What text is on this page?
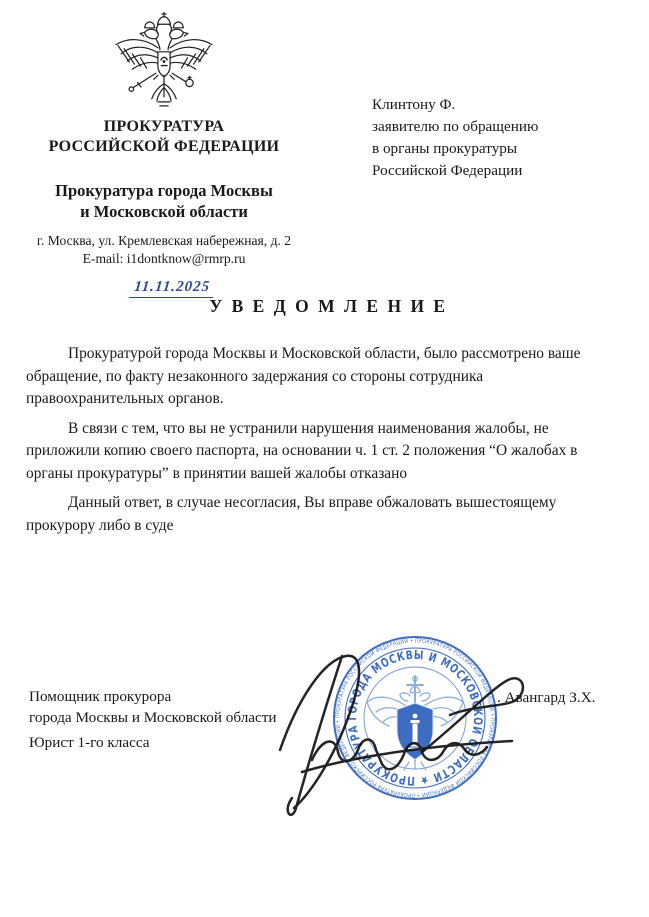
ПРОКУРАТУРА
РОССИЙСКОЙ ФЕДЕРАЦИИ
Прокуратура города Москвы
и Московской области
г. Москва, ул. Кремлевская набережная, д. 2
E-mail: i1dontknow@rmrp.ru
Клинтону Ф.
заявителю по обращению
в органы прокуратуры
Российской Федерации
11.11.2025
У В Е Д О М Л Е Н И Е

Прокуратурой города Москвы и Московской области, было рассмотрено ваше обращение, по факту незаконного задержания со стороны сотрудника правоохранительных органов.

В связи с тем, что вы не устранили нарушения наименования жалобы, не приложили копию своего паспорта, на основании ч. 1 ст. 2 положения “О жалобах в органы прокуратуры” в принятии вашей жалобы отказано

Данный ответ, в случае несогласия, Вы вправе обжаловать вышестоящему прокурору либо в суде

ПРОКУРАТУРА РОССИЙСКОЙ ФЕДЕРАЦИИ • ПРОКУРАТУРА РОССИЙСКОЙ ФЕДЕРАЦИИ • ПРОКУРАТУРА РОССИЙСКОЙ ФЕДЕРАЦИИ • ПРОКУРАТУРА РОССИЙСКОЙ ФЕДЕРАЦИИ •
ПРОКУРАТУРА ГОРОДА МОСКВЫ И МОСКОВСКОЙ ОБЛАСТИ ★
Помощник прокурора
города Москвы и Московской области
Юрист 1-го класса
. Авангард З.Х.
